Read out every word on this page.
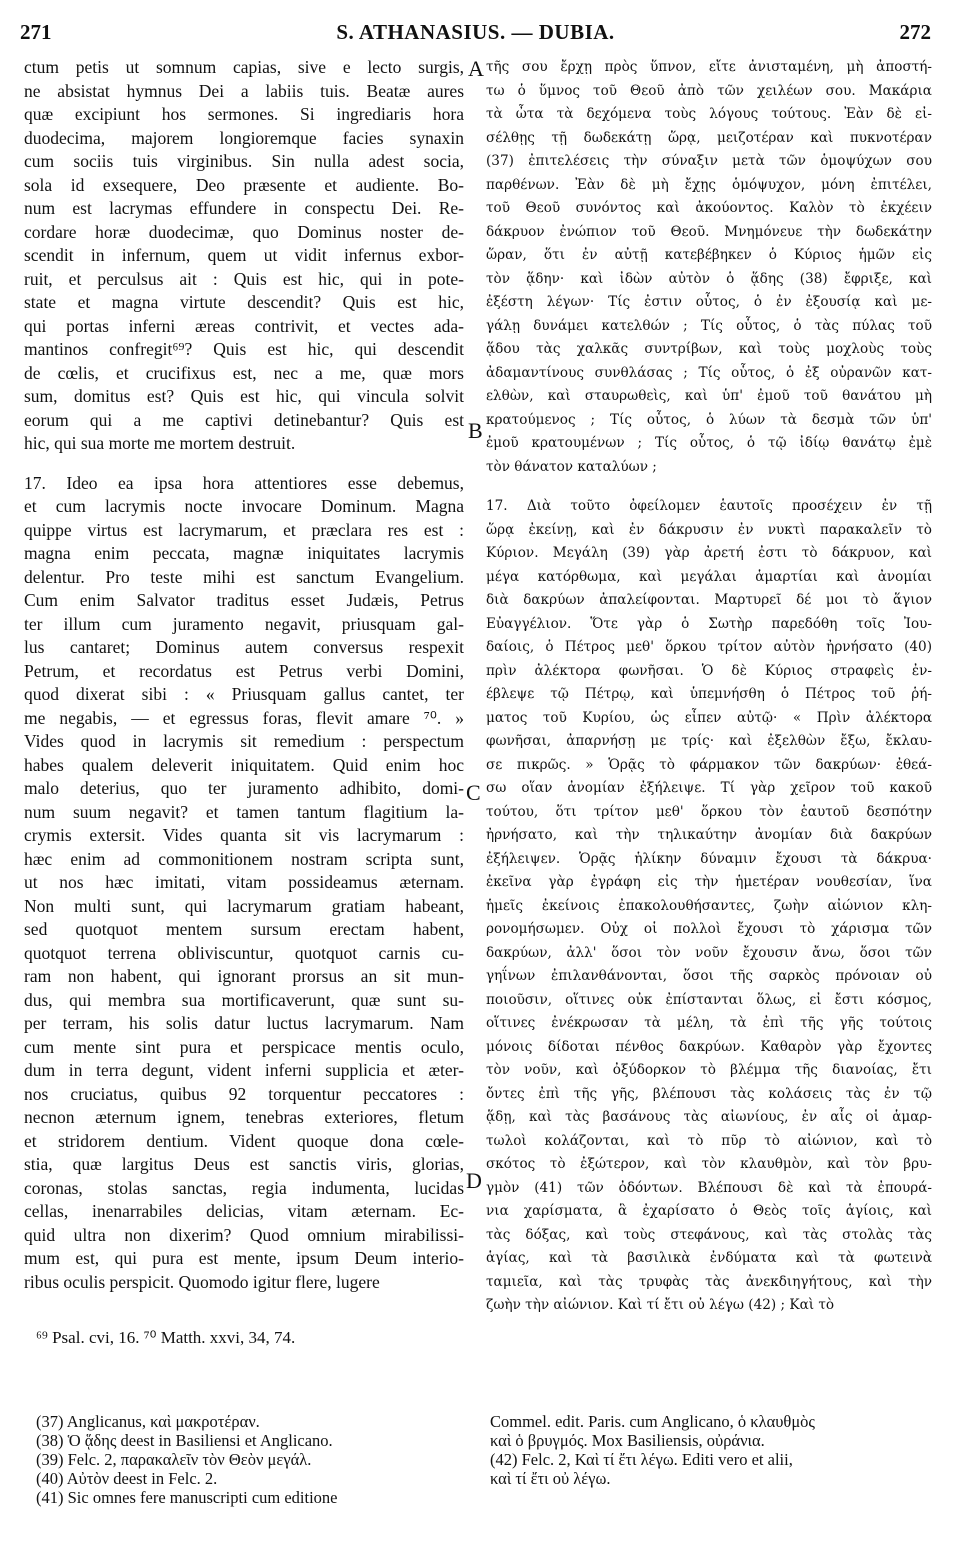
271	S. ATHANASIUS. — DUBIA.	272
ctum petis ut somnum capias, sive e lecto surgis,
ne absistat hymnus Dei a labiis tuis. Beatæ aures
quæ excipiunt hos sermones. Si ingrediaris hora
duodecima, majorem longioremque facies synaxin
cum sociis tuis virginibus. Sin nulla adest socia,
sola id exsequere, Deo præsente et audiente. Bo-
num est lacrymas effundere in conspectu Dei. Re-
cordare horæ duodecimæ, quo Dominus noster de-
scendit in infernum, quem ut vidit infernus exbor-
ruit, et perculsus ait : Quis est hic, qui in pote-
state et magna virtute descendit? Quis est hic,
qui portas inferni æreas contrivit, et vectes ada-
mantinos confregit⁶⁹? Quis est hic, qui descendit
de cœlis, et crucifixus est, nec a me, quæ mors
sum, domitus est? Quis est hic, qui vincula solvit
eorum qui a me captivi detinebantur? Quis est
hic, qui sua morte me mortem destruit.
17. Ideo ea ipsa hora attentiores esse debemus,
et cum lacrymis nocte invocare Dominum. Magna
quippe virtus est lacrymarum, et præclara res est :
magna enim peccata, magnæ iniquitates lacrymis
delentur. Pro teste mihi est sanctum Evangelium.
Cum enim Salvator traditus esset Judæis, Petrus
ter illum cum juramento negavit, priusquam gal-
lus cantaret; Dominus autem conversus respexit
Petrum, et recordatus est Petrus verbi Domini,
quod dixerat sibi : « Priusquam gallus cantet, ter
me negabis, — et egressus foras, flevit amare ⁷⁰. »
Vides quod in lacrymis sit remedium : perspectum
habes qualem deleverit iniquitatem. Quid enim hoc
malo deterius, quo ter juramento adhibito, domi-
num suum negavit? et tamen tantum flagitium la-
crymis extersit. Vides quanta sit vis lacrymarum :
hæc enim ad commonitionem nostram scripta sunt,
ut nos hæc imitati, vitam possideamus æternam.
Non multi sunt, qui lacrymarum gratiam habeant,
sed quotquot mentem sursum erectam habent,
quotquot terrena obliviscuntur, quotquot carnis cu-
ram non habent, qui ignorant prorsus an sit mun-
dus, qui membra sua mortificaverunt, quæ sunt su-
per terram, his solis datur luctus lacrymarum. Nam
cum mente sint pura et perspicace mentis oculo,
dum in terra degunt, vident inferni supplicia et æter-
nos cruciatus, quibus 92 torquentur peccatores :
necnon æternum ignem, tenebras exteriores, fletum
et stridorem dentium. Vident quoque dona cœle-
stia, quæ largitus Deus est sanctis viris, glorias,
coronas, stolas sanctas, regia indumenta, lucidas
cellas, inenarrabiles delicias, vitam æternam. Ec-
quid ultra non dixerim? Quod omnium mirabilissi-
mum est, qui pura est mente, ipsum Deum interio-
ribus oculis perspicit. Quomodo igitur flere, lugere
τῆς σου ἔρχῃ πρὸς ὕπνον, εἴτε ἀνισταμένη, μὴ ἀποστή-
τω ὁ ὕμνος τοῦ Θεοῦ ἀπὸ τῶν χειλέων σου. Μακάρια
τὰ ὦτα τὰ δεχόμενα τοὺς λόγους τούτους. Ἐὰν δὲ εἰ-
σέλθῃς τῇ δωδεκάτῃ ὥρᾳ, μειζοτέραν καὶ πυκνοτέραν
(37) ἐπιτελέσεις τὴν σύναξιν μετὰ τῶν ὁμοψύχων σου
παρθένων. Ἐὰν δὲ μὴ ἔχῃς ὁμόψυχον, μόνη ἐπιτέλει,
τοῦ Θεοῦ συνόντος καὶ ἀκούοντος. Καλὸν τὸ ἐκχέειν
δάκρυον ἐνώπιον τοῦ Θεοῦ. Μνημόνευε τὴν δωδεκάτην
ὥραν, ὅτι ἐν αὐτῇ κατεβέβηκεν ὁ Κύριος ἡμῶν εἰς
τὸν ᾅδην· καὶ ἰδὼν αὐτὸν ὁ ᾅδης (38) ἔφριξε, καὶ
ἐξέστη λέγων· Τίς ἐστιν οὗτος, ὁ ἐν ἐξουσίᾳ καὶ με-
γάλῃ δυνάμει κατελθών ; Τίς οὗτος, ὁ τὰς πύλας τοῦ
ᾅδου τὰς χαλκᾶς συντρίβων, καὶ τοὺς μοχλοὺς τοὺς
ἀδαμαντίνους συνθλάσας ; Τίς οὗτος, ὁ ἐξ οὐρανῶν κατ-
ελθὼν, καὶ σταυρωθεὶς, καὶ ὑπ' ἐμοῦ τοῦ θανάτου μὴ
κρατούμενος ; Τίς οὗτος, ὁ λύων τὰ δεσμὰ τῶν ὑπ'
ἐμοῦ κρατουμένων ; Τίς οὗτος, ὁ τῷ ἰδίῳ θανάτῳ ἐμὲ
τὸν θάνατον καταλύων ;
17. Διὰ τοῦτο ὀφείλομεν ἑαυτοῖς προσέχειν ἐν τῇ
ὥρᾳ ἐκείνῃ, καὶ ἐν δάκρυσιν ἐν νυκτὶ παρακαλεῖν τὸ
Κύριον. Μεγάλη (39) γὰρ ἀρετή ἐστι τὸ δάκρυον, καὶ
μέγα κατόρθωμα, καὶ μεγάλαι ἁμαρτίαι καὶ ἀνομίαι
διὰ δακρύων ἀπαλείφονται. Μαρτυρεῖ δέ μοι τὸ ἅγιον
Εὐαγγέλιον. Ὅτε γὰρ ὁ Σωτὴρ παρεδόθη τοῖς Ἰου-
δαίοις, ὁ Πέτρος μεθ' ὅρκου τρίτον αὐτὸν ἠρνήσατο (40)
πρὶν ἀλέκτορα φωνῆσαι. Ὁ δὲ Κύριος στραφεὶς ἐν-
έβλεψε τῷ Πέτρῳ, καὶ ὑπεμνήσθη ὁ Πέτρος τοῦ ῥή-
ματος τοῦ Κυρίου, ὡς εἶπεν αὐτῷ· « Πρὶν ἀλέκτορα
φωνῆσαι, ἀπαρνήσῃ με τρίς· καὶ ἐξελθὼν ἔξω, ἔκλαυ-
σε πικρῶς. » Ὁρᾷς τὸ φάρμακον τῶν δακρύων· ἐθεά-
σω οἵαν ἀνομίαν ἐξήλειψε. Τί γὰρ χεῖρον τοῦ κακοῦ
τούτου, ὅτι τρίτον μεθ' ὅρκου τὸν ἑαυτοῦ δεσπότην
ἠρνήσατο, καὶ τὴν τηλικαύτην ἀνομίαν διὰ δακρύων
ἐξήλειψεν. Ὁρᾷς ἡλίκην δύναμιν ἔχουσι τὰ δάκρυα·
ἐκεῖνα γὰρ ἐγράφη εἰς τὴν ἡμετέραν νουθεσίαν, ἵνα
ἡμεῖς ἐκείνοις ἐπακολουθήσαντες, ζωὴν αἰώνιον κλη-
ρονομήσωμεν. Οὐχ οἱ πολλοὶ ἔχουσι τὸ χάρισμα τῶν
δακρύων, ἀλλ' ὅσοι τὸν νοῦν ἔχουσιν ἄνω, ὅσοι τῶν
γηΐνων ἐπιλανθάνονται, ὅσοι τῆς σαρκὸς πρόνοιαν οὐ
ποιοῦσιν, οἵτινες οὐκ ἐπίστανται ὅλως, εἰ ἔστι κόσμος,
οἵτινες ἐνέκρωσαν τὰ μέλη, τὰ ἐπὶ τῆς γῆς τούτοις
μόνοις δίδοται πένθος δακρύων. Καθαρὸν γὰρ ἔχοντες
τὸν νοῦν, καὶ ὀξύδορκον τὸ βλέμμα τῆς διανοίας, ἔτι
ὄντες ἐπὶ τῆς γῆς, βλέπουσι τὰς κολάσεις τὰς ἐν τῷ
ᾅδῃ, καὶ τὰς βασάνους τὰς αἰωνίους, ἐν αἷς οἱ ἁμαρ-
τωλοὶ κολάζονται, καὶ τὸ πῦρ τὸ αἰώνιον, καὶ τὸ
σκότος τὸ ἐξώτερον, καὶ τὸν κλαυθμὸν, καὶ τὸν βρυ-
γμὸν (41) τῶν ὀδόντων. Βλέπουσι δὲ καὶ τὰ ἐπουρά-
νια χαρίσματα, ἃ ἐχαρίσατο ὁ Θεὸς τοῖς ἁγίοις, καὶ
τὰς δόξας, καὶ τοὺς στεφάνους, καὶ τὰς στολὰς τὰς
ἁγίας, καὶ τὰ βασιλικὰ ἐνδύματα καὶ τὰ φωτεινὰ
ταμιεῖα, καὶ τὰς τρυφὰς τὰς ἀνεκδιηγήτους, καὶ τὴν
ζωὴν τὴν αἰώνιον. Καὶ τί ἔτι οὐ λέγω (42) ; Καὶ τὸ
A
B
C
D
⁶⁹ Psal. cvi, 16. ⁷⁰ Matth. xxvi, 34, 74.
(37) Anglicanus, καὶ μακροτέραν.
(38) Ὁ ᾅδης deest in Basiliensi et Anglicano.
(39) Felc. 2, παρακαλεῖν τὸν Θεὸν μεγάλ.
(40) Αὐτὸν deest in Felc. 2.
(41) Sic omnes fere manuscripti cum editione
Commel. edit. Paris. cum Anglicano, ὁ κλαυθμὸς
καὶ ὁ βρυγμός. Mox Basiliensis, οὐράνια.
(42) Felc. 2, Καὶ τί ἔτι λέγω. Editi vero et alii,
καὶ τί ἔτι οὐ λέγω.
